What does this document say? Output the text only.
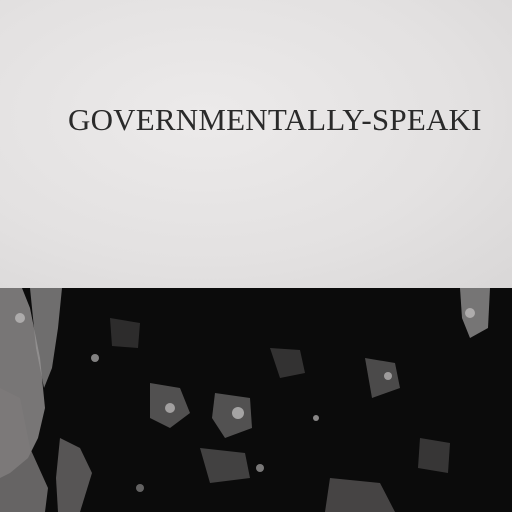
GOVERNMENTALLY-SPEAKI
